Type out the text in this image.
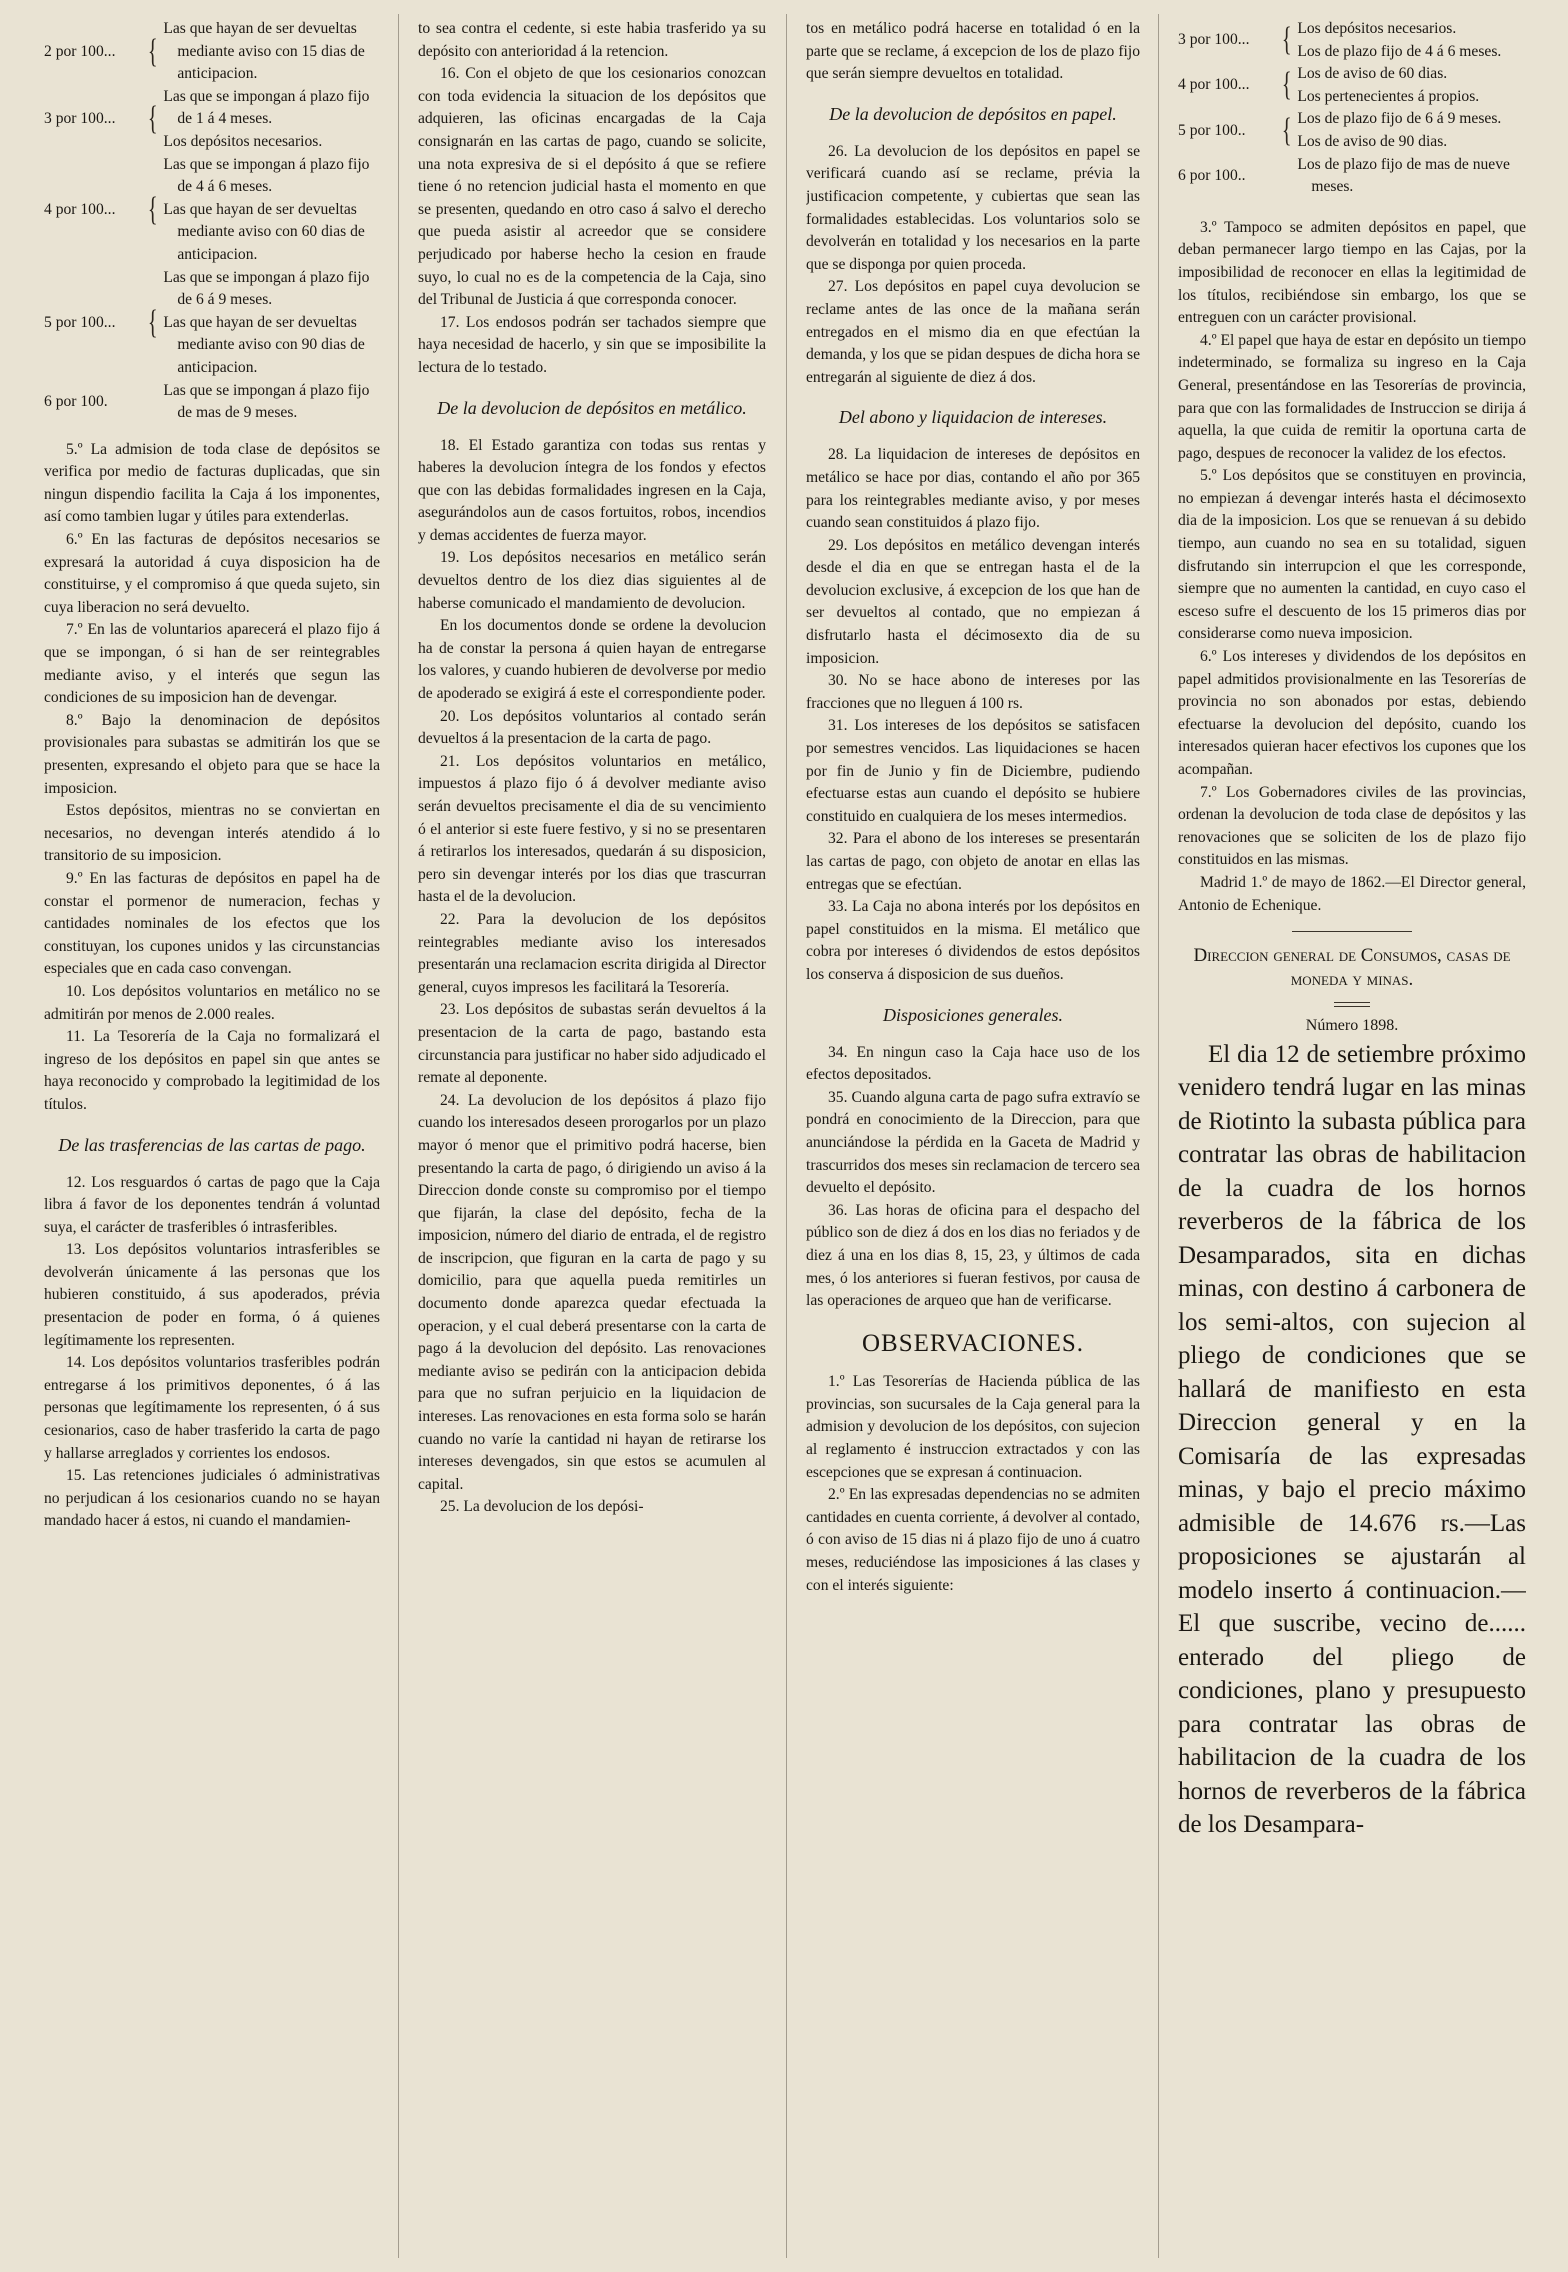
2 por 100...	{	Las que hayan de ser devueltas mediante aviso con 15 dias de anticipacion.

3 por 100...	{	Las que se impongan á plazo fijo de 1 á 4 meses.
Los depósitos necesarios.

4 por 100...	{	Las que se impongan á plazo fijo de 4 á 6 meses.
Las que hayan de ser devueltas mediante aviso con 60 dias de anticipacion.

5 por 100...	{	Las que se impongan á plazo fijo de 6 á 9 meses.
Las que hayan de ser devueltas mediante aviso con 90 dias de anticipacion.

6 por 100.		Las que se impongan á plazo fijo de mas de 9 meses.

5.º La admision de toda clase de depósitos se verifica por medio de facturas duplicadas, que sin ningun dispendio facilita la Caja á los imponentes, así como tambien lugar y útiles para extenderlas.

6.º En las facturas de depósitos necesarios se expresará la autoridad á cuya disposicion ha de constituirse, y el compromiso á que queda sujeto, sin cuya liberacion no será devuelto.

7.º En las de voluntarios aparecerá el plazo fijo á que se impongan, ó si han de ser reintegrables mediante aviso, y el interés que segun las condiciones de su imposicion han de devengar.

8.º Bajo la denominacion de depósitos provisionales para subastas se admitirán los que se presenten, expresando el objeto para que se hace la imposicion.

Estos depósitos, mientras no se conviertan en necesarios, no devengan interés atendido á lo transitorio de su imposicion.

9.º En las facturas de depósitos en papel ha de constar el pormenor de numeracion, fechas y cantidades nominales de los efectos que los constituyan, los cupones unidos y las circunstancias especiales que en cada caso convengan.

10. Los depósitos voluntarios en metálico no se admitirán por menos de 2.000 reales.

11. La Tesorería de la Caja no formalizará el ingreso de los depósitos en papel sin que antes se haya reconocido y comprobado la legitimidad de los títulos.

De las trasferencias de las cartas de pago.

12. Los resguardos ó cartas de pago que la Caja libra á favor de los deponentes tendrán á voluntad suya, el carácter de trasferibles ó intrasferibles.

13. Los depósitos voluntarios intrasferibles se devolverán únicamente á las personas que los hubieren constituido, á sus apoderados, prévia presentacion de poder en forma, ó á quienes legítimamente los representen.

14. Los depósitos voluntarios trasferibles podrán entregarse á los primitivos deponentes, ó á las personas que legítimamente los representen, ó á sus cesionarios, caso de haber trasferido la carta de pago y hallarse arreglados y corrientes los endosos.

15. Las retenciones judiciales ó administrativas no perjudican á los cesionarios cuando no se hayan mandado hacer á estos, ni cuando el mandamien-

to sea contra el cedente, si este habia trasferido ya su depósito con anterioridad á la retencion.

16. Con el objeto de que los cesionarios conozcan con toda evidencia la situacion de los depósitos que adquieren, las oficinas encargadas de la Caja consignarán en las cartas de pago, cuando se solicite, una nota expresiva de si el depósito á que se refiere tiene ó no retencion judicial hasta el momento en que se presenten, quedando en otro caso á salvo el derecho que pueda asistir al acreedor que se considere perjudicado por haberse hecho la cesion en fraude suyo, lo cual no es de la competencia de la Caja, sino del Tribunal de Justicia á que corresponda conocer.

17. Los endosos podrán ser tachados siempre que haya necesidad de hacerlo, y sin que se imposibilite la lectura de lo testado.

De la devolucion de depósitos en metálico.

18. El Estado garantiza con todas sus rentas y haberes la devolucion íntegra de los fondos y efectos que con las debidas formalidades ingresen en la Caja, asegurándolos aun de casos fortuitos, robos, incendios y demas accidentes de fuerza mayor.

19. Los depósitos necesarios en metálico serán devueltos dentro de los diez dias siguientes al de haberse comunicado el mandamiento de devolucion.

En los documentos donde se ordene la devolucion ha de constar la persona á quien hayan de entregarse los valores, y cuando hubieren de devolverse por medio de apoderado se exigirá á este el correspondiente poder.

20. Los depósitos voluntarios al contado serán devueltos á la presentacion de la carta de pago.

21. Los depósitos voluntarios en metálico, impuestos á plazo fijo ó á devolver mediante aviso serán devueltos precisamente el dia de su vencimiento ó el anterior si este fuere festivo, y si no se presentaren á retirarlos los interesados, quedarán á su disposicion, pero sin devengar interés por los dias que trascurran hasta el de la devolucion.

22. Para la devolucion de los depósitos reintegrables mediante aviso los interesados presentarán una reclamacion escrita dirigida al Director general, cuyos impresos les facilitará la Tesorería.

23. Los depósitos de subastas serán devueltos á la presentacion de la carta de pago, bastando esta circunstancia para justificar no haber sido adjudicado el remate al deponente.

24. La devolucion de los depósitos á plazo fijo cuando los interesados deseen prorogarlos por un plazo mayor ó menor que el primitivo podrá hacerse, bien presentando la carta de pago, ó dirigiendo un aviso á la Direccion donde conste su compromiso por el tiempo que fijarán, la clase del depósito, fecha de la imposicion, número del diario de entrada, el de registro de inscripcion, que figuran en la carta de pago y su domicilio, para que aquella pueda remitirles un documento donde aparezca quedar efectuada la operacion, y el cual deberá presentarse con la carta de pago á la devolucion del depósito. Las renovaciones mediante aviso se pedirán con la anticipacion debida para que no sufran perjuicio en la liquidacion de intereses. Las renovaciones en esta forma solo se harán cuando no varíe la cantidad ni hayan de retirarse los intereses devengados, sin que estos se acumulen al capital.

25. La devolucion de los depósi-

tos en metálico podrá hacerse en totalidad ó en la parte que se reclame, á excepcion de los de plazo fijo que serán siempre devueltos en totalidad.

De la devolucion de depósitos en papel.

26. La devolucion de los depósitos en papel se verificará cuando así se reclame, prévia la justificacion competente, y cubiertas que sean las formalidades establecidas. Los voluntarios solo se devolverán en totalidad y los necesarios en la parte que se disponga por quien proceda.

27. Los depósitos en papel cuya devolucion se reclame antes de las once de la mañana serán entregados en el mismo dia en que efectúan la demanda, y los que se pidan despues de dicha hora se entregarán al siguiente de diez á dos.

Del abono y liquidacion de intereses.

28. La liquidacion de intereses de depósitos en metálico se hace por dias, contando el año por 365 para los reintegrables mediante aviso, y por meses cuando sean constituidos á plazo fijo.

29. Los depósitos en metálico devengan interés desde el dia en que se entregan hasta el de la devolucion exclusive, á excepcion de los que han de ser devueltos al contado, que no empiezan á disfrutarlo hasta el décimosexto dia de su imposicion.

30. No se hace abono de intereses por las fracciones que no lleguen á 100 rs.

31. Los intereses de los depósitos se satisfacen por semestres vencidos. Las liquidaciones se hacen por fin de Junio y fin de Diciembre, pudiendo efectuarse estas aun cuando el depósito se hubiere constituido en cualquiera de los meses intermedios.

32. Para el abono de los intereses se presentarán las cartas de pago, con objeto de anotar en ellas las entregas que se efectúan.

33. La Caja no abona interés por los depósitos en papel constituidos en la misma. El metálico que cobra por intereses ó dividendos de estos depósitos los conserva á disposicion de sus dueños.

Disposiciones generales.

34. En ningun caso la Caja hace uso de los efectos depositados.

35. Cuando alguna carta de pago sufra extravío se pondrá en conocimiento de la Direccion, para que anunciándose la pérdida en la Gaceta de Madrid y trascurridos dos meses sin reclamacion de tercero sea devuelto el depósito.

36. Las horas de oficina para el despacho del público son de diez á dos en los dias no feriados y de diez á una en los dias 8, 15, 23, y últimos de cada mes, ó los anteriores si fueran festivos, por causa de las operaciones de arqueo que han de verificarse.

OBSERVACIONES.

1.º Las Tesorerías de Hacienda pública de las provincias, son sucursales de la Caja general para la admision y devolucion de los depósitos, con sujecion al reglamento é instruccion extractados y con las escepciones que se expresan á continuacion.

2.º En las expresadas dependencias no se admiten cantidades en cuenta corriente, á devolver al contado, ó con aviso de 15 dias ni á plazo fijo de uno á cuatro meses, reduciéndose las imposiciones á las clases y con el interés siguiente:

3 por 100...	{	Los depósitos necesarios.
Los de plazo fijo de 4 á 6 meses.

4 por 100...	{	Los de aviso de 60 dias.
Los pertenecientes á propios.

5 por 100..	{	Los de plazo fijo de 6 á 9 meses.
Los de aviso de 90 dias.

6 por 100..		Los de plazo fijo de mas de nueve meses.

3.º Tampoco se admiten depósitos en papel, que deban permanecer largo tiempo en las Cajas, por la imposibilidad de reconocer en ellas la legitimidad de los títulos, recibiéndose sin embargo, los que se entreguen con un carácter provisional.

4.º El papel que haya de estar en depósito un tiempo indeterminado, se formaliza su ingreso en la Caja General, presentándose en las Tesorerías de provincia, para que con las formalidades de Instruccion se dirija á aquella, la que cuida de remitir la oportuna carta de pago, despues de reconocer la validez de los efectos.

5.º Los depósitos que se constituyen en provincia, no empiezan á devengar interés hasta el décimosexto dia de la imposicion. Los que se renuevan á su debido tiempo, aun cuando no sea en su totalidad, siguen disfrutando sin interrupcion el que les corresponde, siempre que no aumenten la cantidad, en cuyo caso el esceso sufre el descuento de los 15 primeros dias por considerarse como nueva imposicion.

6.º Los intereses y dividendos de los depósitos en papel admitidos provisionalmente en las Tesorerías de provincia no son abonados por estas, debiendo efectuarse la devolucion del depósito, cuando los interesados quieran hacer efectivos los cupones que los acompañan.

7.º Los Gobernadores civiles de las provincias, ordenan la devolucion de toda clase de depósitos y las renovaciones que se soliciten de los de plazo fijo constituidos en las mismas.

Madrid 1.º de mayo de 1862.—El Director general, Antonio de Echenique.

Direccion general de Consumos, casas de moneda y minas.

Número 1898.

El dia 12 de setiembre próximo venidero tendrá lugar en las minas de Riotinto la subasta pública para contratar las obras de habilitacion de la cuadra de los hornos reverberos de la fábrica de los Desamparados, sita en dichas minas, con destino á carbonera de los semi-altos, con sujecion al pliego de condiciones que se hallará de manifiesto en esta Direccion general y en la Comisaría de las expresadas minas, y bajo el precio máximo admisible de 14.676 rs.—Las proposiciones se ajustarán al modelo inserto á continuacion.—El que suscribe, vecino de...... enterado del pliego de condiciones, plano y presupuesto para contratar las obras de habilitacion de la cuadra de los hornos de reverberos de la fábrica de los Desampara-
